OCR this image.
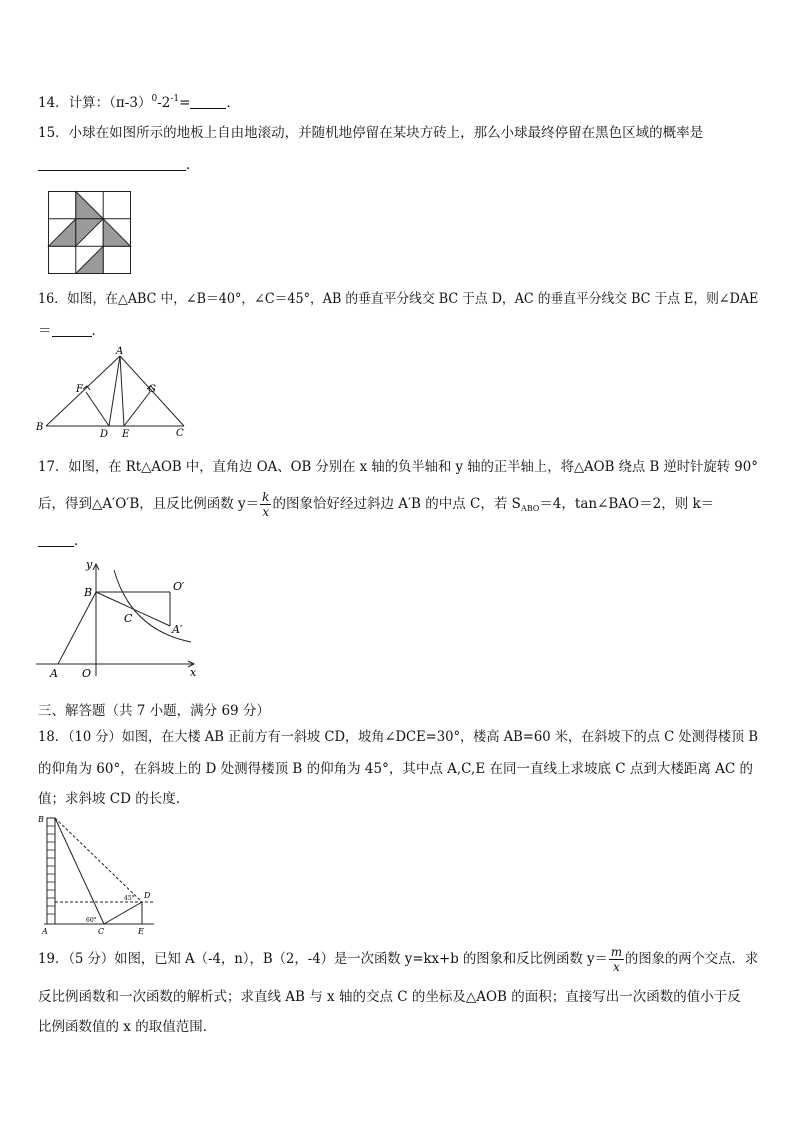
14．计算：$(\pi-3)^0-2^{-1}=$	．
15．小球在如图所示的地板上自由地滚动，并随机地停留在某块方砖上，那么小球最终停留在黑色区域的概率是
．
16．如图，在△ABC 中，∠B＝40°，∠C＝45°，AB 的垂直平分线交 BC 于点 D，AC 的垂直平分线交 BC 于点 E，则∠DAE
＝	．
A
B
C
D E
F	G
17．如图，在 Rt△AOB 中，直角边 OA、OB 分别在 x 轴的负半轴和 y 轴的正半轴上，将△AOB 绕点 B 逆时针旋转 90°
后，得到△A′O′B，且反比例函数 $y= \frac{k}{x}$ 的图象恰好经过斜边 A′B 的中点 C，若 $S_{ABO}=4$，tan∠BAO＝2，则 k＝
．
y
x
B	O′
C
A′
A O
三、解答题（共 7 小题，满分 69 分）
18．（10 分）如图，在大楼 AB 正前方有一斜坡 CD，坡角∠DCE=30°，楼高 AB=60 米，在斜坡下的点 C 处测得楼顶 B
的仰角为 60°，在斜坡上的 D 处测得楼顶 B 的仰角为 45°，其中点 A,C,E 在同一直线上求坡底 C 点到大楼距离 AC 的
值；求斜坡 CD 的长度.
B
A	C	E
D
45°
60°
19．（5 分）如图，已知 A（-4，n），B（2，-4）是一次函数 y=kx+b 的图象和反比例函数 $y= \frac{m}{x}$ 的图象的两个交点．求
反比例函数和一次函数的解析式；求直线 AB 与 x 轴的交点 C 的坐标及△AOB 的面积；直接写出一次函数的值小于反
比例函数值的 x 的取值范围．
